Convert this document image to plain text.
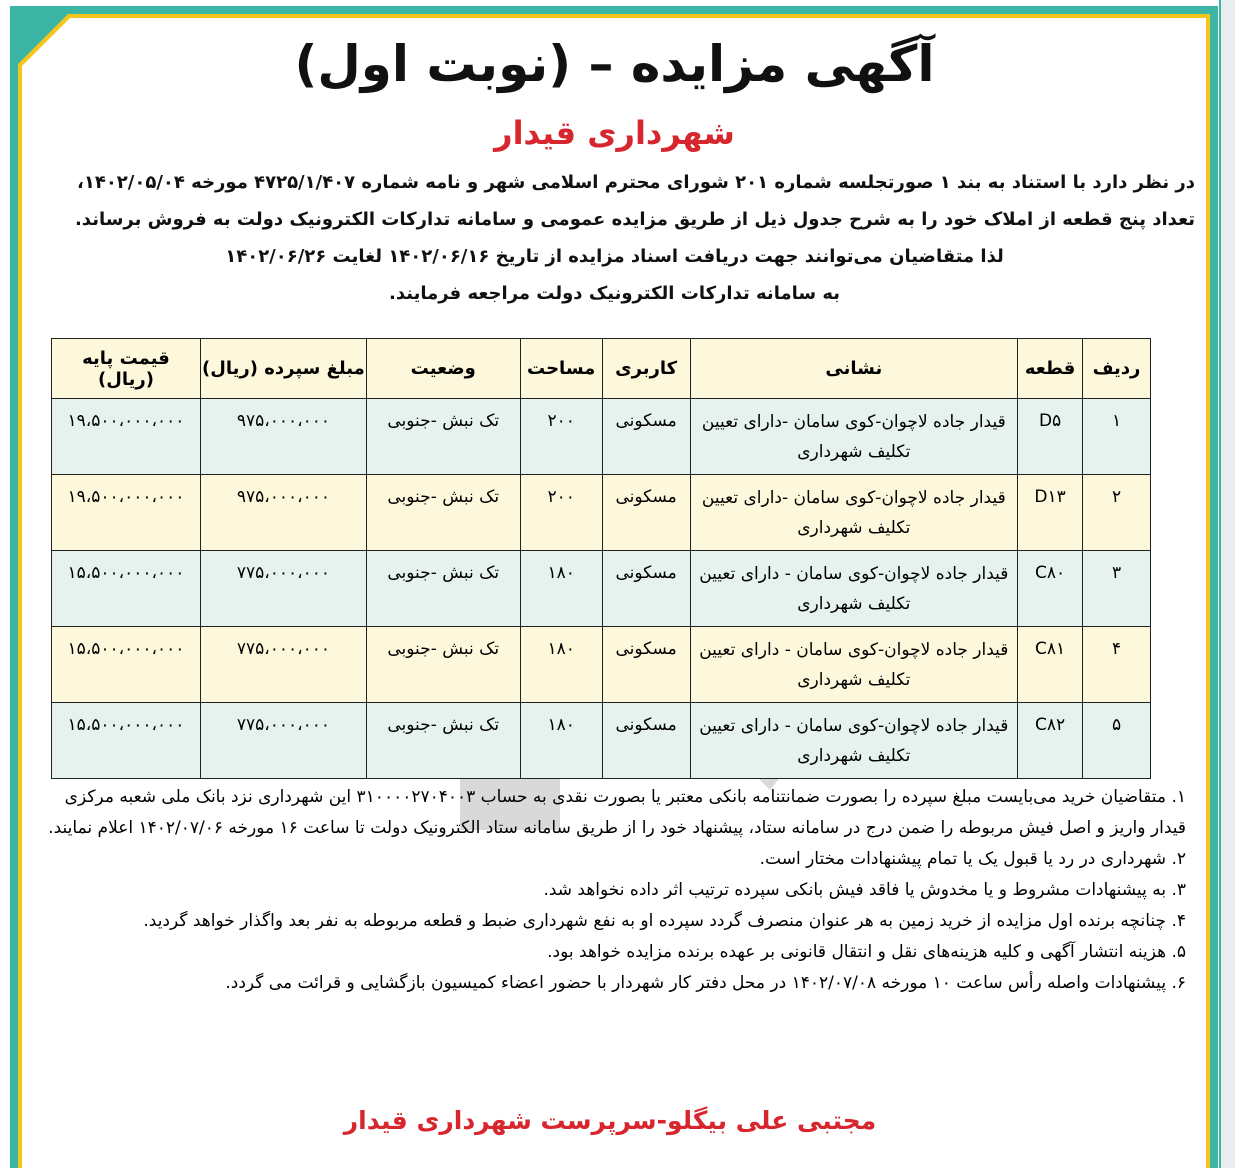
آگهی مزایده – (نوبت اول)
شهرداری قیدار
در نظر دارد با استناد به بند ۱ صورتجلسه شماره ۲۰۱ شورای محترم اسلامی شهر و نامه شماره ۴۷۲۵/۱/۴۰۷ مورخه ۱۴۰۲/۰۵/۰۴،
تعداد پنج قطعه از املاک خود را به شرح جدول ذیل از طریق مزایده عمومی و سامانه تدارکات الکترونیک دولت به فروش برساند.
لذا متقاضیان می‌توانند جهت دریافت اسناد مزایده از تاریخ ۱۴۰۲/۰۶/۱۶ لغایت ۱۴۰۲/۰۶/۲۶
به سامانه تدارکات الکترونیک دولت مراجعه فرمایند.
ردیف	قطعه	نشانی	کاربری	مساحت	وضعیت	مبلغ سپرده (ریال)	قیمت پایه (ریال)
۱	D۵	قیدار جاده لاچوان-کوی سامان -دارای تعیین تکلیف شهرداری	مسکونی	۲۰۰	تک نبش -جنوبی	۹۷۵،۰۰۰،۰۰۰	۱۹،۵۰۰،۰۰۰،۰۰۰
۲	D۱۳	قیدار جاده لاچوان-کوی سامان -دارای تعیین تکلیف شهرداری	مسکونی	۲۰۰	تک نبش -جنوبی	۹۷۵،۰۰۰،۰۰۰	۱۹،۵۰۰،۰۰۰،۰۰۰
۳	C۸۰	قیدار جاده لاچوان-کوی سامان - دارای تعیین تکلیف شهرداری	مسکونی	۱۸۰	تک نبش -جنوبی	۷۷۵،۰۰۰،۰۰۰	۱۵،۵۰۰،۰۰۰،۰۰۰
۴	C۸۱	قیدار جاده لاچوان-کوی سامان - دارای تعیین تکلیف شهرداری	مسکونی	۱۸۰	تک نبش -جنوبی	۷۷۵،۰۰۰،۰۰۰	۱۵،۵۰۰،۰۰۰،۰۰۰
۵	C۸۲	قیدار جاده لاچوان-کوی سامان - دارای تعیین تکلیف شهرداری	مسکونی	۱۸۰	تک نبش -جنوبی	۷۷۵،۰۰۰،۰۰۰	۱۵،۵۰۰،۰۰۰،۰۰۰

۱. متقاضیان خرید می‌بایست مبلغ سپرده را بصورت ضمانتنامه بانکی معتبر یا بصورت نقدی به حساب ۳۱۰۰۰۰۲۷۰۴۰۰۳ این شهرداری نزد بانک ملی شعبه مرکزی قیدار واریز و اصل فیش مربوطه را ضمن درج در سامانه ستاد، پیشنهاد خود را از طریق سامانه ستاد الکترونیک دولت تا ساعت ۱۶ مورخه ۱۴۰۲/۰۷/۰۶ اعلام نمایند.

۲. شهرداری در رد یا قبول یک یا تمام پیشنهادات مختار است.

۳. به پیشنهادات مشروط و یا مخدوش یا فاقد فیش بانکی سپرده ترتیب اثر داده نخواهد شد.

۴. چنانچه برنده اول مزایده از خرید زمین به هر عنوان منصرف گردد سپرده او به نفع شهرداری ضبط و قطعه مربوطه به نفر بعد واگذار خواهد گردید.

۵. هزینه انتشار آگهی و کلیه هزینه‌های نقل و انتقال قانونی بر عهده برنده مزایده خواهد بود.

۶. پیشنهادات واصله رأس ساعت ۱۰ مورخه ۱۴۰۲/۰۷/۰۸ در محل دفتر کار شهردار با حضور اعضاء کمیسیون بازگشایی و قرائت می گردد.

مجتبی علی بیگلو-سرپرست شهرداری قیدار
